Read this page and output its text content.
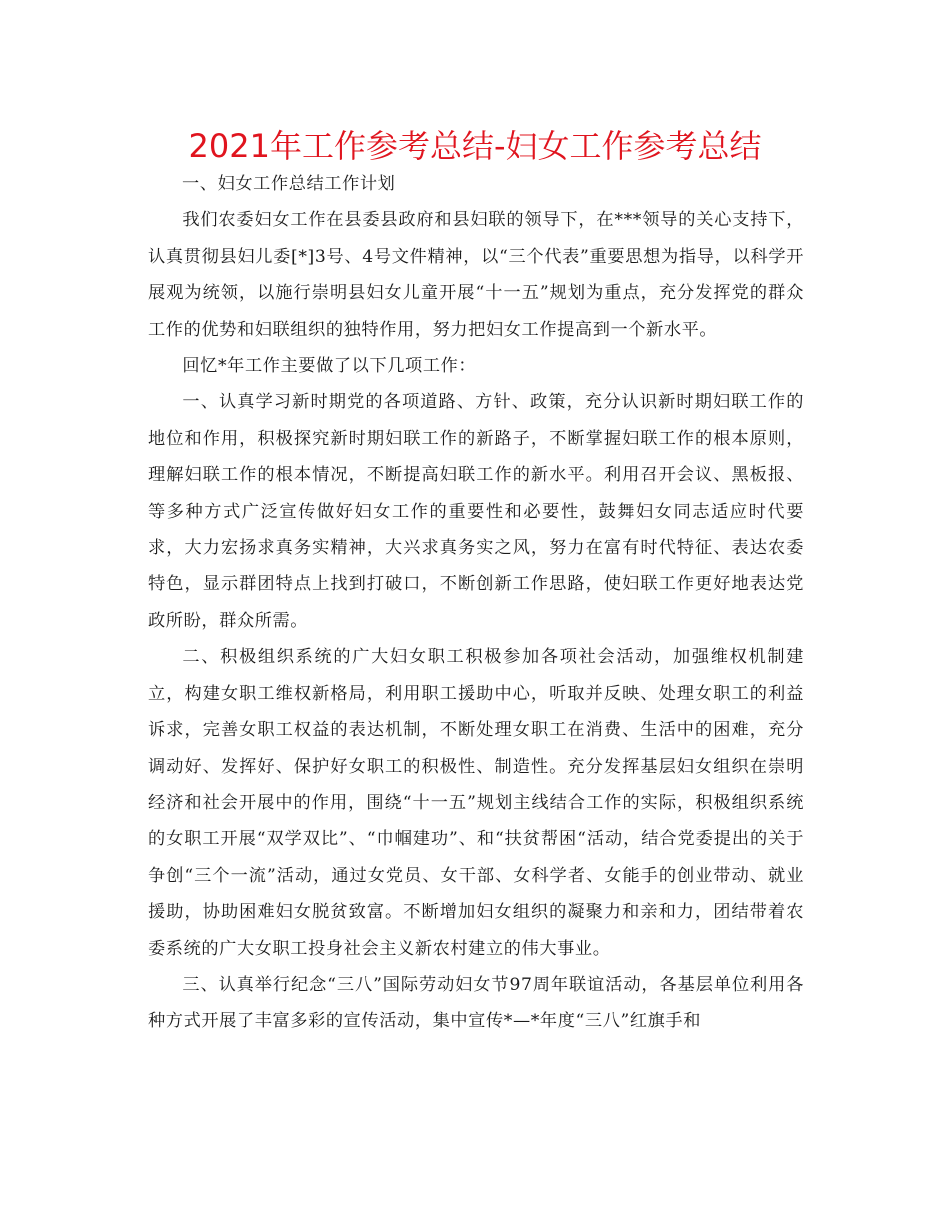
2021年工作参考总结-妇女工作参考总结

一、妇女工作总结工作计划

我们农委妇女工作在县委县政府和县妇联的领导下，在***领导的关心支持下，认真贯彻县妇儿委[*]3号、4号文件精神，以“三个代表”重要思想为指导，以科学开展观为统领，以施行崇明县妇女儿童开展“十一五”规划为重点，充分发挥党的群众工作的优势和妇联组织的独特作用，努力把妇女工作提高到一个新水平。

回忆*年工作主要做了以下几项工作：

一、认真学习新时期党的各项道路、方针、政策，充分认识新时期妇联工作的地位和作用，积极探究新时期妇联工作的新路子，不断掌握妇联工作的根本原则，理解妇联工作的根本情况，不断提高妇联工作的新水平。利用召开会议、黑板报、等多种方式广泛宣传做好妇女工作的重要性和必要性，鼓舞妇女同志适应时代要求，大力宏扬求真务实精神，大兴求真务实之风，努力在富有时代特征、表达农委特色，显示群团特点上找到打破口，不断创新工作思路，使妇联工作更好地表达党政所盼，群众所需。

二、积极组织系统的广大妇女职工积极参加各项社会活动，加强维权机制建立，构建女职工维权新格局，利用职工援助中心，听取并反映、处理女职工的利益诉求，完善女职工权益的表达机制，不断处理女职工在消费、生活中的困难，充分调动好、发挥好、保护好女职工的积极性、制造性。充分发挥基层妇女组织在崇明经济和社会开展中的作用，围绕“十一五”规划主线结合工作的实际，积极组织系统的女职工开展“双学双比”、“巾帼建功”、和“扶贫帮困“活动，结合党委提出的关于争创“三个一流”活动，通过女党员、女干部、女科学者、女能手的创业带动、就业援助，协助困难妇女脱贫致富。不断增加妇女组织的凝聚力和亲和力，团结带着农委系统的广大女职工投身社会主义新农村建立的伟大事业。

三、认真举行纪念“三八”国际劳动妇女节97周年联谊活动，各基层单位利用各种方式开展了丰富多彩的宣传活动，集中宣传*—*年度“三八”红旗手和
